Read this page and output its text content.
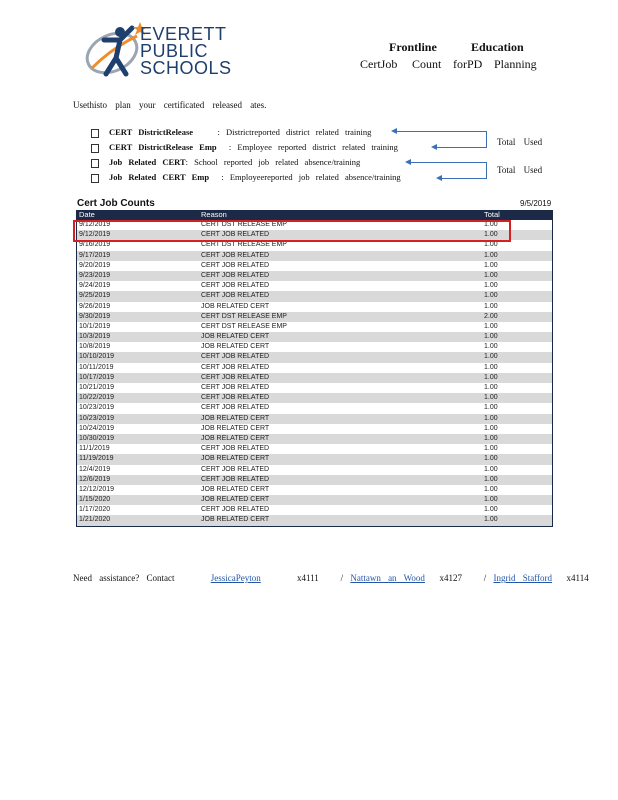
EVERETT
PUBLIC
SCHOOLS
Frontline	Education
CertJob Count forPD Planning
Usethisto plan your certificated released ates.
CERT DistrictRelease	: Districtreported district related training
CERT DistrictRelease Emp : Employee reported district related training
Job Related CERT: School reported job related absence/training
Job Related CERT Emp : Employeereported job related absence/training
Total Used
Total Used
Cert Job Counts	9/5/2019
Date	Reason	Total
9/12/2019	CERT DST RELEASE EMP	1.00
9/12/2019	CERT JOB RELATED	1.00
9/16/2019	CERT DST RELEASE EMP	1.00
9/17/2019	CERT JOB RELATED	1.00
9/20/2019	CERT JOB RELATED	1.00
9/23/2019	CERT JOB RELATED	1.00
9/24/2019	CERT JOB RELATED	1.00
9/25/2019	CERT JOB RELATED	1.00
9/26/2019	JOB RELATED CERT	1.00
9/30/2019	CERT DST RELEASE EMP	2.00
10/1/2019	CERT DST RELEASE EMP	1.00
10/3/2019	JOB RELATED CERT	1.00
10/8/2019	JOB RELATED CERT	1.00
10/10/2019	CERT JOB RELATED	1.00
10/11/2019	CERT JOB RELATED	1.00
10/17/2019	CERT JOB RELATED	1.00
10/21/2019	CERT JOB RELATED	1.00
10/22/2019	CERT JOB RELATED	1.00
10/23/2019	CERT JOB RELATED	1.00
10/23/2019	JOB RELATED CERT	1.00
10/24/2019	JOB RELATED CERT	1.00
10/30/2019	JOB RELATED CERT	1.00
11/1/2019	CERT JOB RELATED	1.00
11/19/2019	JOB RELATED CERT	1.00
12/4/2019	CERT JOB RELATED	1.00
12/6/2019	CERT JOB RELATED	1.00
12/12/2019	JOB RELATED CERT	1.00
1/15/2020	JOB RELATED CERT	1.00
1/17/2020	CERT JOB RELATED	1.00
1/21/2020	JOB RELATED CERT	1.00
Need assistance? Contact	JessicaPeyton	x4111 / Nattawn an Wood x4127 / Ingrid Stafford x4114
